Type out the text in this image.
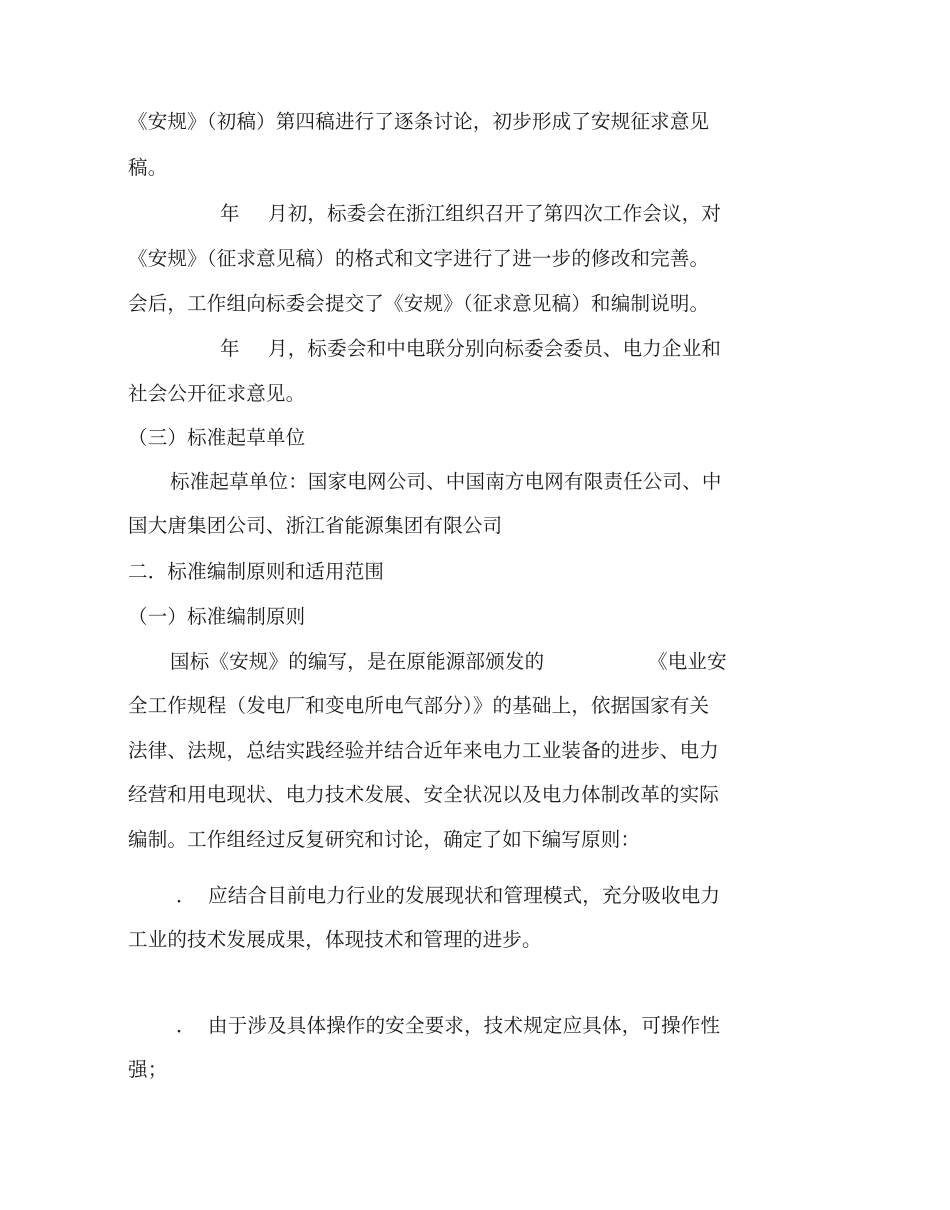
《安规》（初稿）第四稿进行了逐条讨论，初步形成了安规征求意见
稿。
年 月初，标委会在浙江组织召开了第四次工作会议，对
《安规》（征求意见稿）的格式和文字进行了进一步的修改和完善。
会后，工作组向标委会提交了《安规》（征求意见稿）和编制说明。
年 月，标委会和中电联分别向标委会委员、电力企业和
社会公开征求意见。
（三）标准起草单位
标准起草单位：国家电网公司、中国南方电网有限责任公司、中
国大唐集团公司、浙江省能源集团有限公司
二．标准编制原则和适用范围
（一）标准编制原则
国标《安规》的编写，是在原能源部颁发的	《电业安
全工作规程（发电厂和变电所电气部分）》的基础上，依据国家有关
法律、法规，总结实践经验并结合近年来电力工业装备的进步、电力
经营和用电现状、电力技术发展、安全状况以及电力体制改革的实际
编制。工作组经过反复研究和讨论，确定了如下编写原则：
． 应结合目前电力行业的发展现状和管理模式，充分吸收电力
工业的技术发展成果，体现技术和管理的进步。
． 由于涉及具体操作的安全要求，技术规定应具体，可操作性
强；
